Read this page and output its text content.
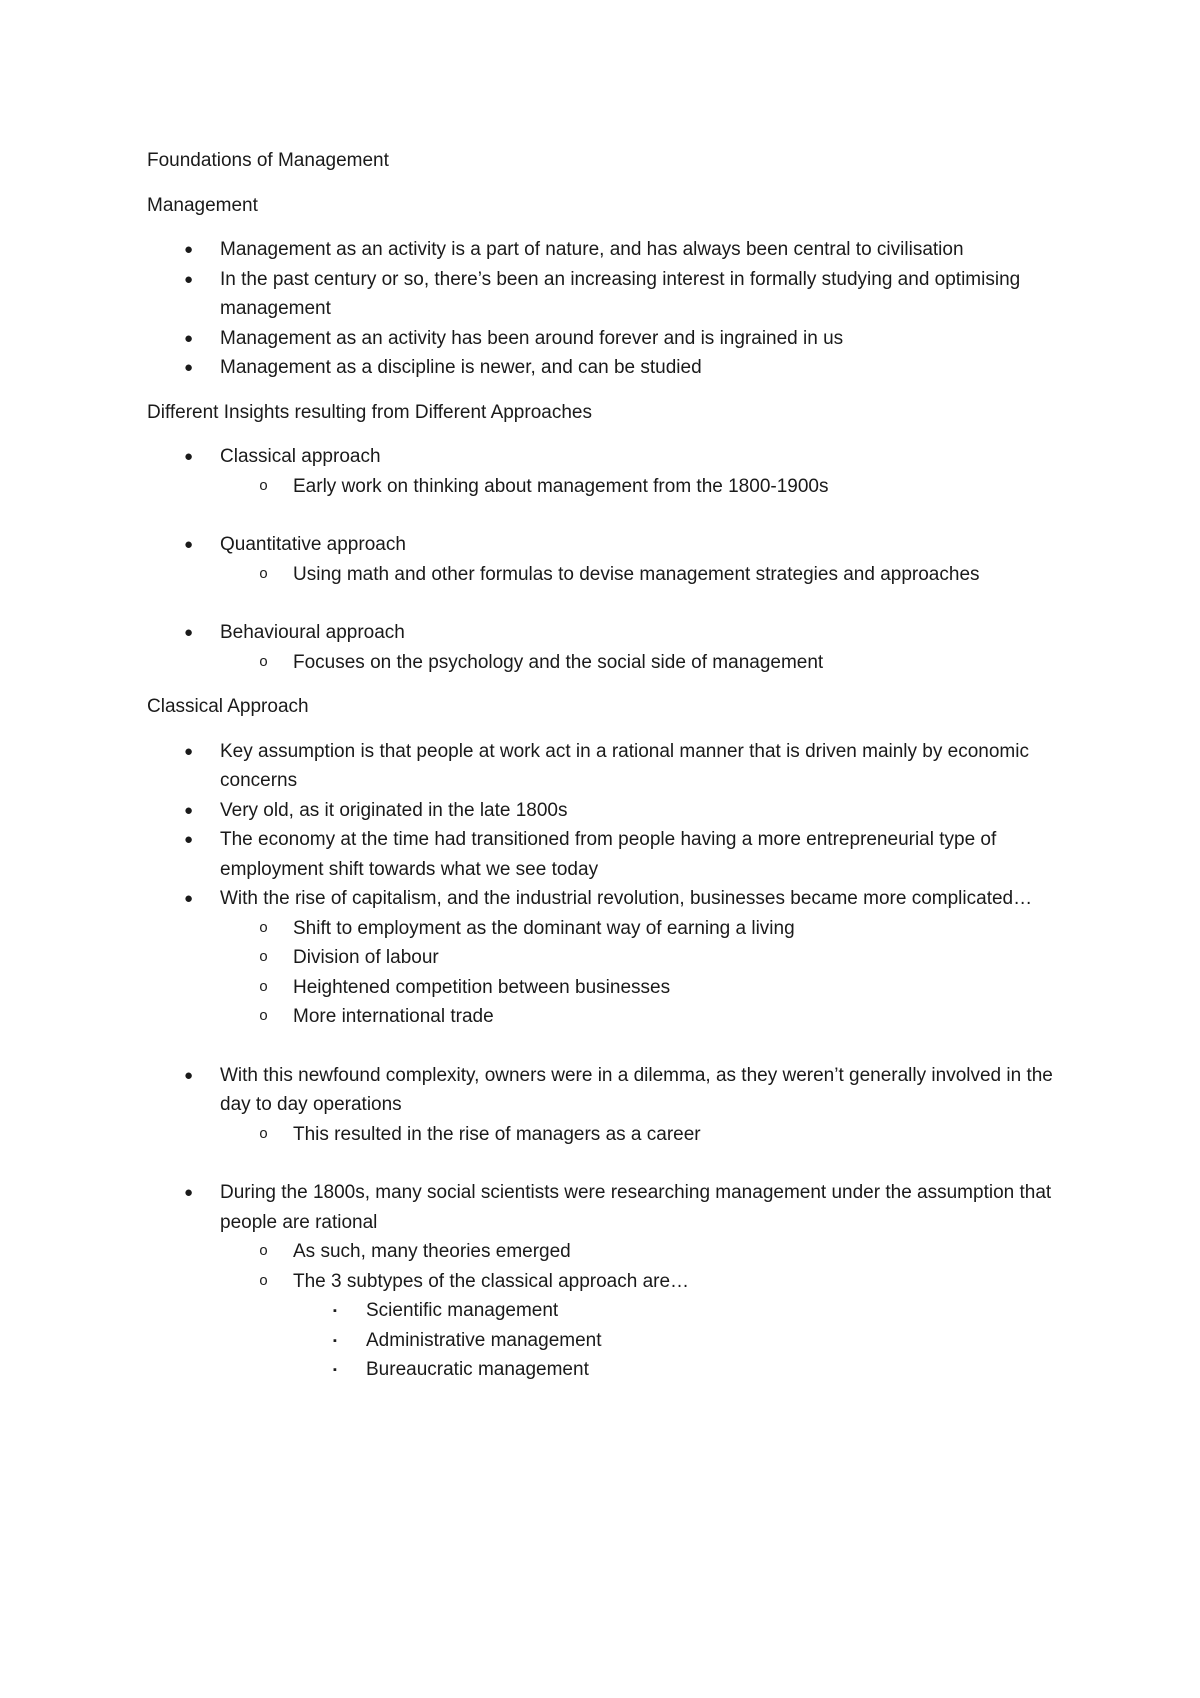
Foundations of Management

Management

● Management as an activity is a part of nature, and has always been central to civilisation
● In the past century or so, there’s been an increasing interest in formally studying and optimising management
● Management as an activity has been around forever and is ingrained in us
● Management as a discipline is newer, and can be studied

Different Insights resulting from Different Approaches

● Classical approach
o Early work on thinking about management from the 1800-1900s
● Quantitative approach
o Using math and other formulas to devise management strategies and approaches
● Behavioural approach
o Focuses on the psychology and the social side of management

Classical Approach

● Key assumption is that people at work act in a rational manner that is driven mainly by economic concerns
● Very old, as it originated in the late 1800s
● The economy at the time had transitioned from people having a more entrepreneurial type of employment shift towards what we see today
● With the rise of capitalism, and the industrial revolution, businesses became more complicated…
o Shift to employment as the dominant way of earning a living
o Division of labour
o Heightened competition between businesses
o More international trade
● With this newfound complexity, owners were in a dilemma, as they weren’t generally involved in the day to day operations
o This resulted in the rise of managers as a career
● During the 1800s, many social scientists were researching management under the assumption that people are rational
o As such, many theories emerged
o The 3 subtypes of the classical approach are…
▪ Scientific management
▪ Administrative management
▪ Bureaucratic management
